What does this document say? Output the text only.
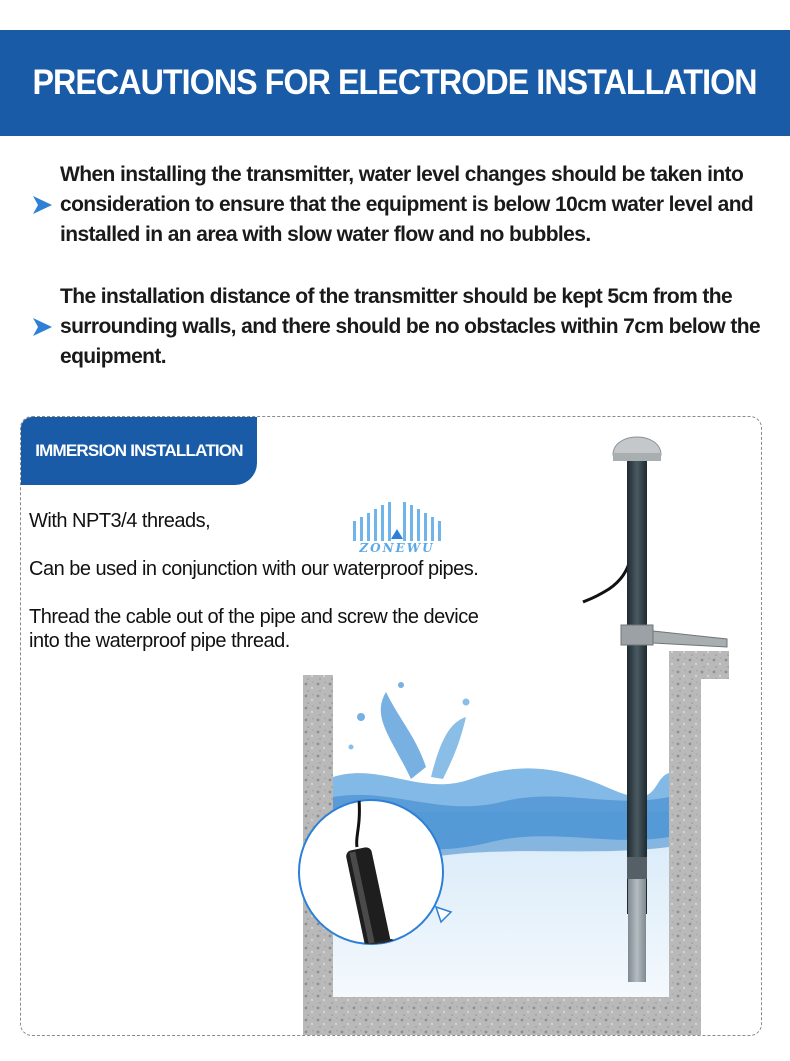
PRECAUTIONS FOR ELECTRODE INSTALLATION

When installing the transmitter, water level changes should be taken into consideration to ensure that the equipment is below 10cm water level and installed in an area with slow water flow and no bubbles.

The installation distance of the transmitter should be kept 5cm from the surrounding walls, and there should be no obstacles within 7cm below the equipment.

IMMERSION INSTALLATION
ZONEWU

With NPT3/4 threads,

Can be used in conjunction with our waterproof pipes.

Thread the cable out of the pipe and screw the device

into the waterproof pipe thread.
